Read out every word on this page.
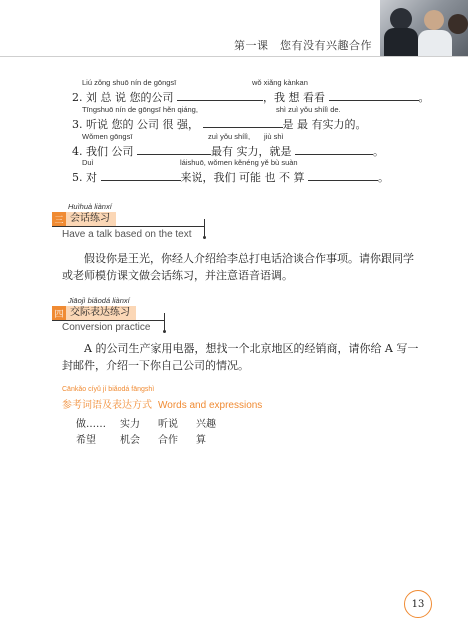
第一课　您有没有兴趣合作
Liú zǒng shuō nín de gōngsī	wǒ xiǎng kànkan
2. 刘 总 说 您的公司	，我 想 看看	。
Tīngshuō nín de gōngsī hěn qiáng,	shì zuì yǒu shílì de.
3. 听说 您的 公司 很 强，	是 最 有实力的。
Wǒmen gōngsī	zuì yǒu shílì, jiù shì
4. 我们 公司	最有 实力，就是	。
Duì	láishuō, wǒmen kěnéng yě bù suàn
5. 对	来说，我们 可能 也 不 算	。
Huìhuà liànxí
三 会话练习
Have a talk based on the text
假设你是王光，你经人介绍给李总打电话洽谈合作事项。请你跟同学或老师模仿课文做会话练习，并注意语音语调。
Jiāojì biǎodá liànxí
四 交际表达练习
Conversion practice
A 的公司生产家用电器，想找一个北京地区的经销商，请你给 A 写一封邮件，介绍一下你自己公司的情况。
Cānkǎo cíyǔ jí biǎodá fāngshì
参考词语及表达方式 Words and expressions
做…… 实力 听说 兴趣
希望 机会 合作 算
13
